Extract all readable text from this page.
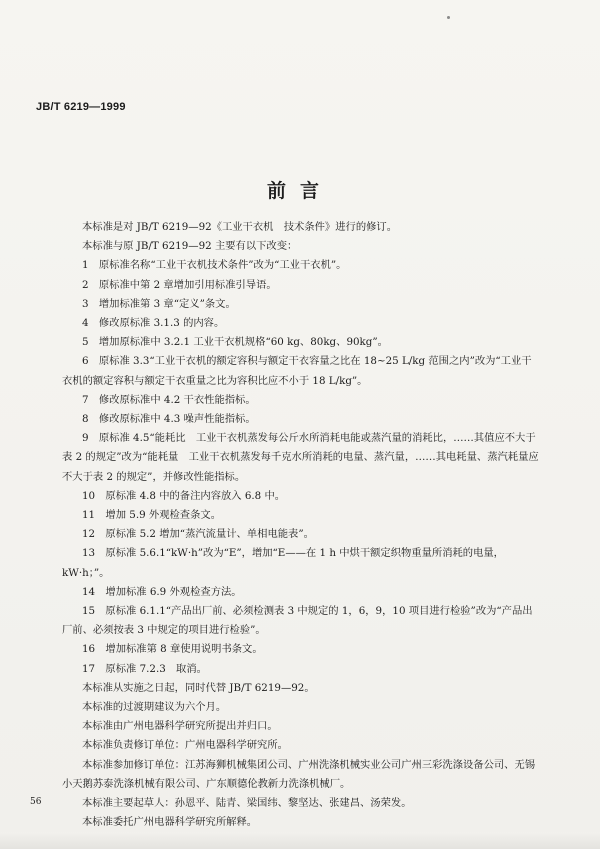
JB/T 6219—1999
前言
本标准是对 JB/T 6219—92《工业干衣机　技术条件》进行的修订。
本标准与原 JB/T 6219—92 主要有以下改变：
1　原标准名称“工业干衣机技术条件”改为“工业干衣机”。
2　原标准中第 2 章增加引用标准引导语。
3　增加标准第 3 章“定义”条文。
4　修改原标准 3.1.3 的内容。
5　增加原标准中 3.2.1 工业干衣机规格“60 kg、80kg、90kg”。
6　原标准 3.3“工业干衣机的额定容积与额定干衣容量之比在 18~25 L/kg 范围之内”改为“工业干衣机的额定容积与额定干衣重量之比为容积比应不小于 18 L/kg”。
7　修改原标准中 4.2 干衣性能指标。
8　修改原标准中 4.3 噪声性能指标。
9　原标准 4.5“能耗比　工业干衣机蒸发每公斤水所消耗电能或蒸汽量的消耗比，……其值应不大于表 2 的规定”改为“能耗量　工业干衣机蒸发每千克水所消耗的电量、蒸汽量，……其电耗量、蒸汽耗量应不大于表 2 的规定”，并修改性能指标。
10　原标准 4.8 中的备注内容放入 6.8 中。
11　增加 5.9 外观检查条文。
12　原标准 5.2 增加“蒸汽流量计、单相电能表”。
13　原标准 5.6.1“kW·h”改为“E”，增加“E——在 1 h 中烘干额定织物重量所消耗的电量，kW·h；”。
14　增加标准 6.9 外观检查方法。
15　原标准 6.1.1“产品出厂前、必须检测表 3 中规定的 1，6，9，10 项目进行检验”改为“产品出厂前、必须按表 3 中规定的项目进行检验”。
16　增加标准第 8 章使用说明书条文。
17　原标准 7.2.3　取消。
本标准从实施之日起，同时代替 JB/T 6219—92。
本标准的过渡期建议为六个月。
本标准由广州电器科学研究所提出并归口。
本标准负责修订单位：广州电器科学研究所。
本标准参加修订单位：江苏海狮机械集团公司、广州洗涤机械实业公司广州三彩洗涤设备公司、无锡小天鹅苏泰洗涤机械有限公司、广东顺德伦教新力洗涤机械厂。
本标准主要起草人：孙恩平、陆青、梁国纬、黎坚达、张建昌、汤荣发。
本标准委托广州电器科学研究所解释。
56
